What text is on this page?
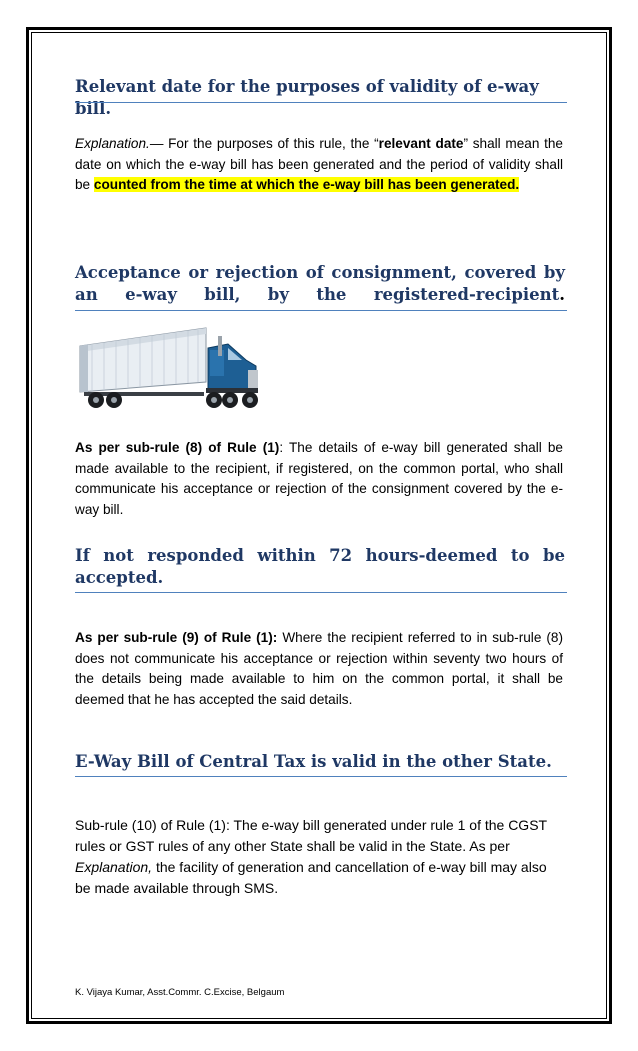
Relevant date for the purposes of validity of e-way bill.
Explanation.— For the purposes of this rule, the “relevant date” shall mean the date on which the e-way bill has been generated and the period of validity shall be counted from the time at which the e-way bill has been generated.
Acceptance or rejection of consignment, covered by an e-way bill, by the registered-recipient.
As per sub-rule (8) of Rule (1): The details of e-way bill generated shall be made available to the recipient, if registered, on the common portal, who shall communicate his acceptance or rejection of the consignment covered by the e-way bill.
If not responded within 72 hours-deemed to be accepted.
As per sub-rule (9) of Rule (1): Where the recipient referred to in sub-rule (8) does not communicate his acceptance or rejection within seventy two hours of the details being made available to him on the common portal, it shall be deemed that he has accepted the said details.
E-Way Bill of Central Tax is valid in the other State.
Sub-rule (10) of Rule (1): The e-way bill generated under rule 1 of the CGST rules or GST rules of any other State shall be valid in the State. As per Explanation, the facility of generation and cancellation of e-way bill may also be made available through SMS.
K. Vijaya Kumar, Asst.Commr. C.Excise, Belgaum
